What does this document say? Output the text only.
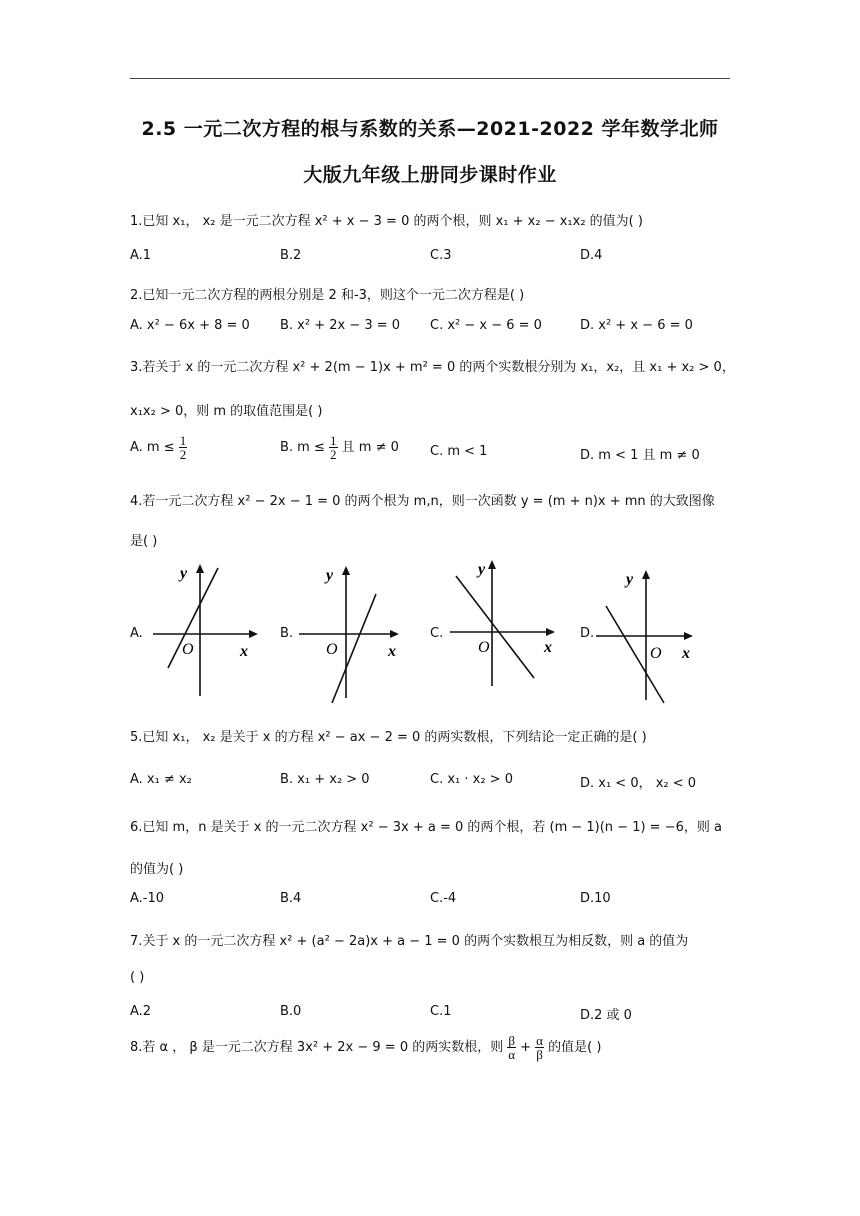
2.5 一元二次方程的根与系数的关系—2021-2022 学年数学北师
大版九年级上册同步课时作业
1.已知 x₁， x₂ 是一元二次方程 x² + x − 3 = 0 的两个根，则 x₁ + x₂ − x₁x₂ 的值为( )
A.1	B.2	C.3	D.4
2.已知一元二次方程的两根分别是 2 和-3，则这个一元二次方程是( )
A. x² − 6x + 8 = 0 B. x² + 2x − 3 = 0 C. x² − x − 6 = 0	D. x² + x − 6 = 0
3.若关于 x 的一元二次方程 x² + 2(m − 1)x + m² = 0 的两个实数根分别为 x₁，x₂，且 x₁ + x₂ > 0，
x₁x₂ > 0，则 m 的取值范围是( )
A. $m \le \frac{1}{2}$	B. $m \le \frac{1}{2}$ 且 m ≠ 0 C. m < 1	D. m < 1 且 m ≠ 0
4.若一元二次方程 x² − 2x − 1 = 0 的两个根为 m,n，则一次函数 y = (m + n)x + mn 的大致图像
是( )
A.	B.	C.	D.
y
x
O
y
x
O
y
x
O
y
x
O
5.已知 x₁， x₂ 是关于 x 的方程 x² − ax − 2 = 0 的两实数根，下列结论一定正确的是( )
A. x₁ ≠ x₂	B. x₁ + x₂ > 0	C. x₁ · x₂ > 0	D. x₁ < 0， x₂ < 0
6.已知 m，n 是关于 x 的一元二次方程 x² − 3x + a = 0 的两个根，若 (m − 1)(n − 1) = −6，则 a
的值为( )
A.-10	B.4	C.-4	D.10
7.关于 x 的一元二次方程 x² + (a² − 2a)x + a − 1 = 0 的两个实数根互为相反数，则 a 的值为
( )
A.2	B.0	C.1	D.2 或 0
8.若 α ， β 是一元二次方程 3x² + 2x − 9 = 0 的两实数根，则 $\frac{\beta}{\alpha} + \frac{\alpha}{\beta}$ 的值是( )
